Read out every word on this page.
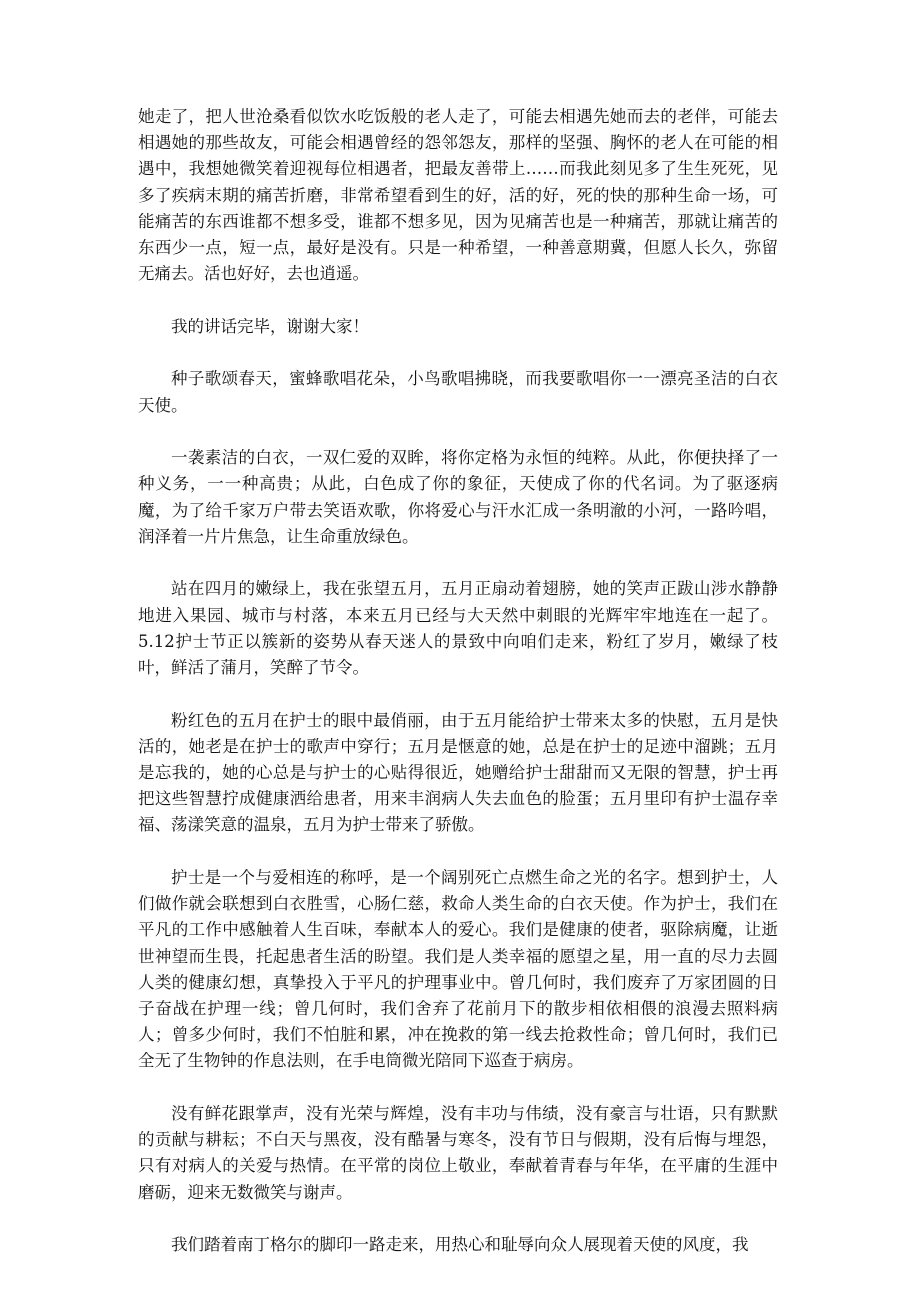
她走了，把人世沧桑看似饮水吃饭般的老人走了，可能去相遇先她而去的老伴，可能去相遇她的那些故友，可能会相遇曾经的怨邻怨友，那样的坚强、胸怀的老人在可能的相遇中，我想她微笑着迎视每位相遇者，把最友善带上……而我此刻见多了生生死死，见多了疾病末期的痛苦折磨，非常希望看到生的好，活的好，死的快的那种生命一场，可能痛苦的东西谁都不想多受，谁都不想多见，因为见痛苦也是一种痛苦，那就让痛苦的东西少一点，短一点，最好是没有。只是一种希望，一种善意期冀，但愿人长久，弥留无痛去。活也好好，去也逍遥。

我的讲话完毕，谢谢大家！

种子歌颂春天，蜜蜂歌唱花朵，小鸟歌唱拂晓，而我要歌唱你一一漂亮圣洁的白衣天使。

一袭素洁的白衣，一双仁爱的双眸，将你定格为永恒的纯粹。从此，你便抉择了一种义务，一一种高贵；从此，白色成了你的象征，天使成了你的代名词。为了驱逐病魔，为了给千家万户带去笑语欢歌，你将爱心与汗水汇成一条明澈的小河，一路吟唱，润泽着一片片焦急，让生命重放绿色。

站在四月的嫩绿上，我在张望五月，五月正扇动着翅膀，她的笑声正跋山涉水静静地进入果园、城市与村落，本来五月已经与大天然中刺眼的光辉牢牢地连在一起了。5.12护士节正以簇新的姿势从春天迷人的景致中向咱们走来，粉红了岁月，嫩绿了枝叶，鲜活了蒲月，笑醉了节令。

粉红色的五月在护士的眼中最俏丽，由于五月能给护士带来太多的快慰，五月是快活的，她老是在护士的歌声中穿行；五月是惬意的她，总是在护士的足迹中溜跳；五月是忘我的，她的心总是与护士的心贴得很近，她赠给护士甜甜而又无限的智慧，护士再把这些智慧拧成健康洒给患者，用来丰润病人失去血色的脸蛋；五月里印有护士温存幸福、荡漾笑意的温泉，五月为护士带来了骄傲。

护士是一个与爱相连的称呼，是一个阔别死亡点燃生命之光的名字。想到护士，人们做作就会联想到白衣胜雪，心肠仁慈，救命人类生命的白衣天使。作为护士，我们在平凡的工作中感触着人生百味，奉献本人的爱心。我们是健康的使者，驱除病魔，让逝世神望而生畏，托起患者生活的盼望。我们是人类幸福的愿望之星，用一直的尽力去圆人类的健康幻想，真挚投入于平凡的护理事业中。曾几何时，我们废弃了万家团圆的日子奋战在护理一线；曾几何时，我们舍弃了花前月下的散步相依相偎的浪漫去照料病人；曾多少何时，我们不怕脏和累，冲在挽救的第一线去抢救性命；曾几何时，我们已全无了生物钟的作息法则，在手电筒微光陪同下巡查于病房。

没有鲜花跟掌声，没有光荣与辉煌，没有丰功与伟绩，没有豪言与壮语，只有默默的贡献与耕耘；不白天与黑夜，没有酷暑与寒冬，没有节日与假期，没有后悔与埋怨，只有对病人的关爱与热情。在平常的岗位上敬业，奉献着青春与年华，在平庸的生涯中磨砺，迎来无数微笑与谢声。

我们踏着南丁格尔的脚印一路走来，用热心和耻辱向众人展现着天使的风度，我
